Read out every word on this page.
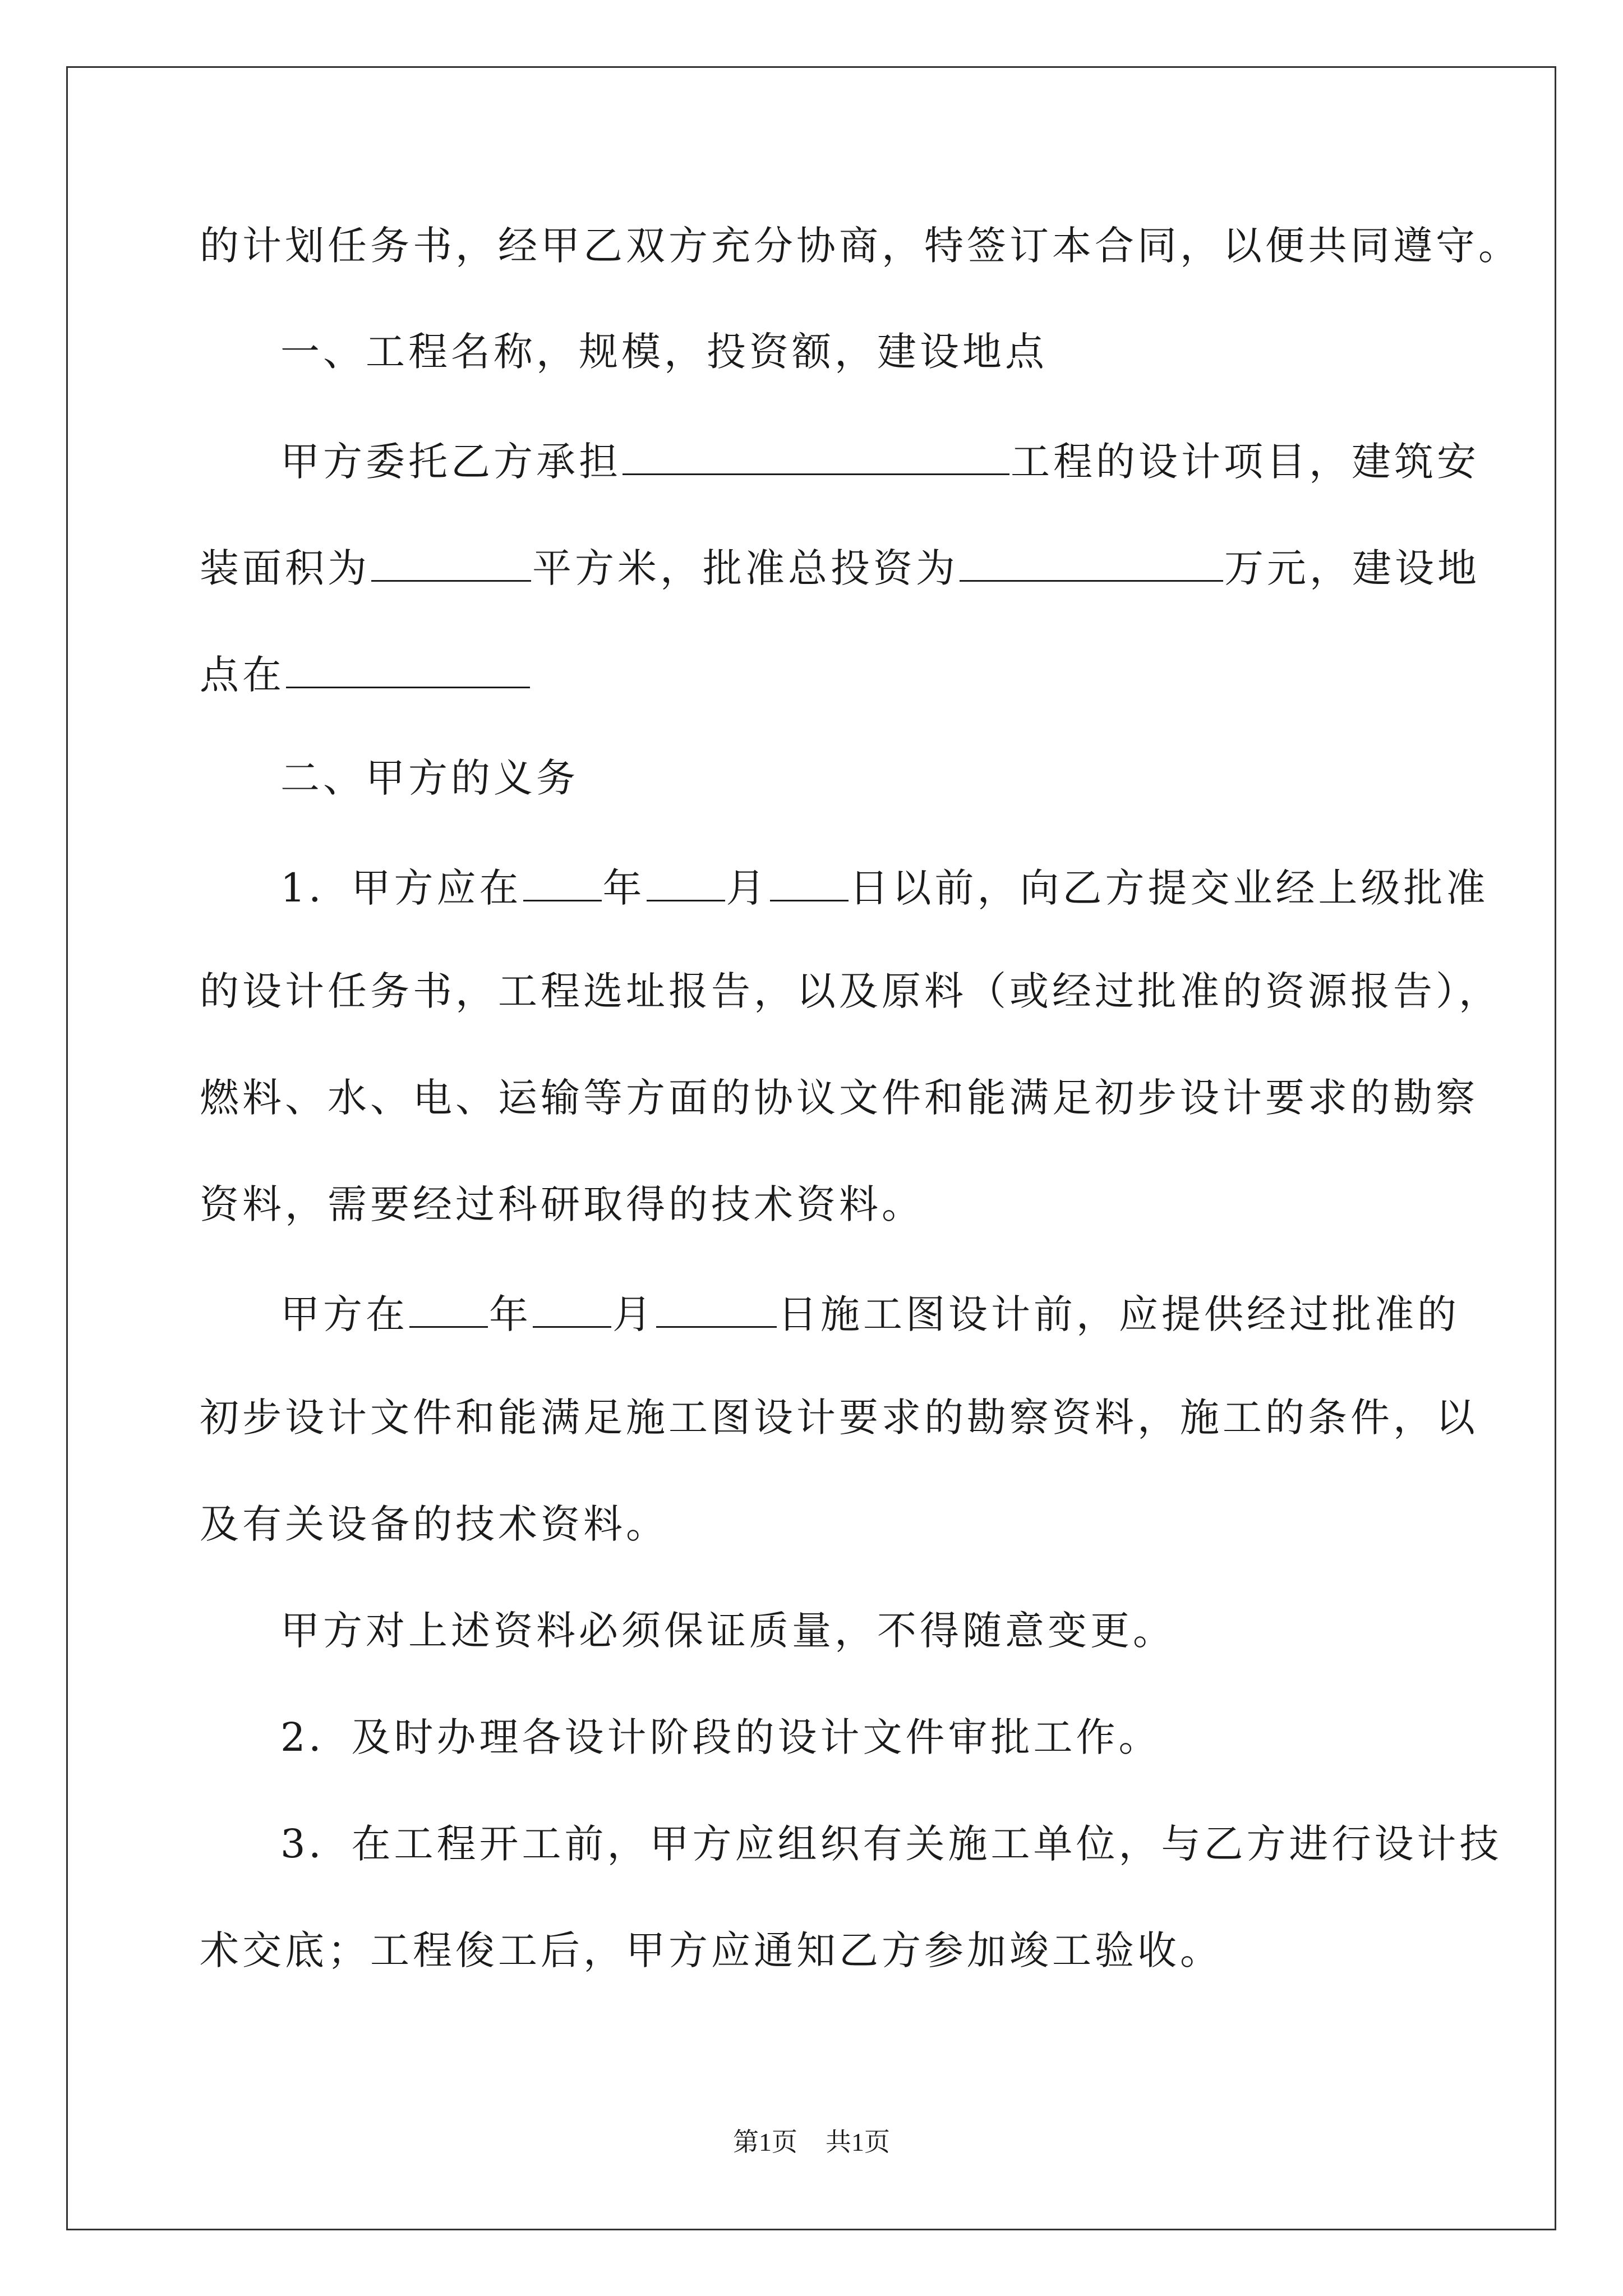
的计划任务书，经甲乙双方充分协商，特签订本合同，以便共同遵守。

一、工程名称，规模，投资额，建设地点

甲方委托乙方承担	工程的设计项目，建筑安

装面积为	平方米，批准总投资为	万元，建设地

点在

二、甲方的义务

1．甲方应在 年 月 日以前，向乙方提交业经上级批准

的设计任务书，工程选址报告，以及原料（或经过批准的资源报告），

燃料、水、电、运输等方面的协议文件和能满足初步设计要求的勘察

资料，需要经过科研取得的技术资料。

甲方在 年 月	日施工图设计前，应提供经过批准的

初步设计文件和能满足施工图设计要求的勘察资料，施工的条件，以

及有关设备的技术资料。

甲方对上述资料必须保证质量，不得随意变更。

2．及时办理各设计阶段的设计文件审批工作。

3．在工程开工前，甲方应组织有关施工单位，与乙方进行设计技

术交底；工程俊工后，甲方应通知乙方参加竣工验收。

第1页 共1页
